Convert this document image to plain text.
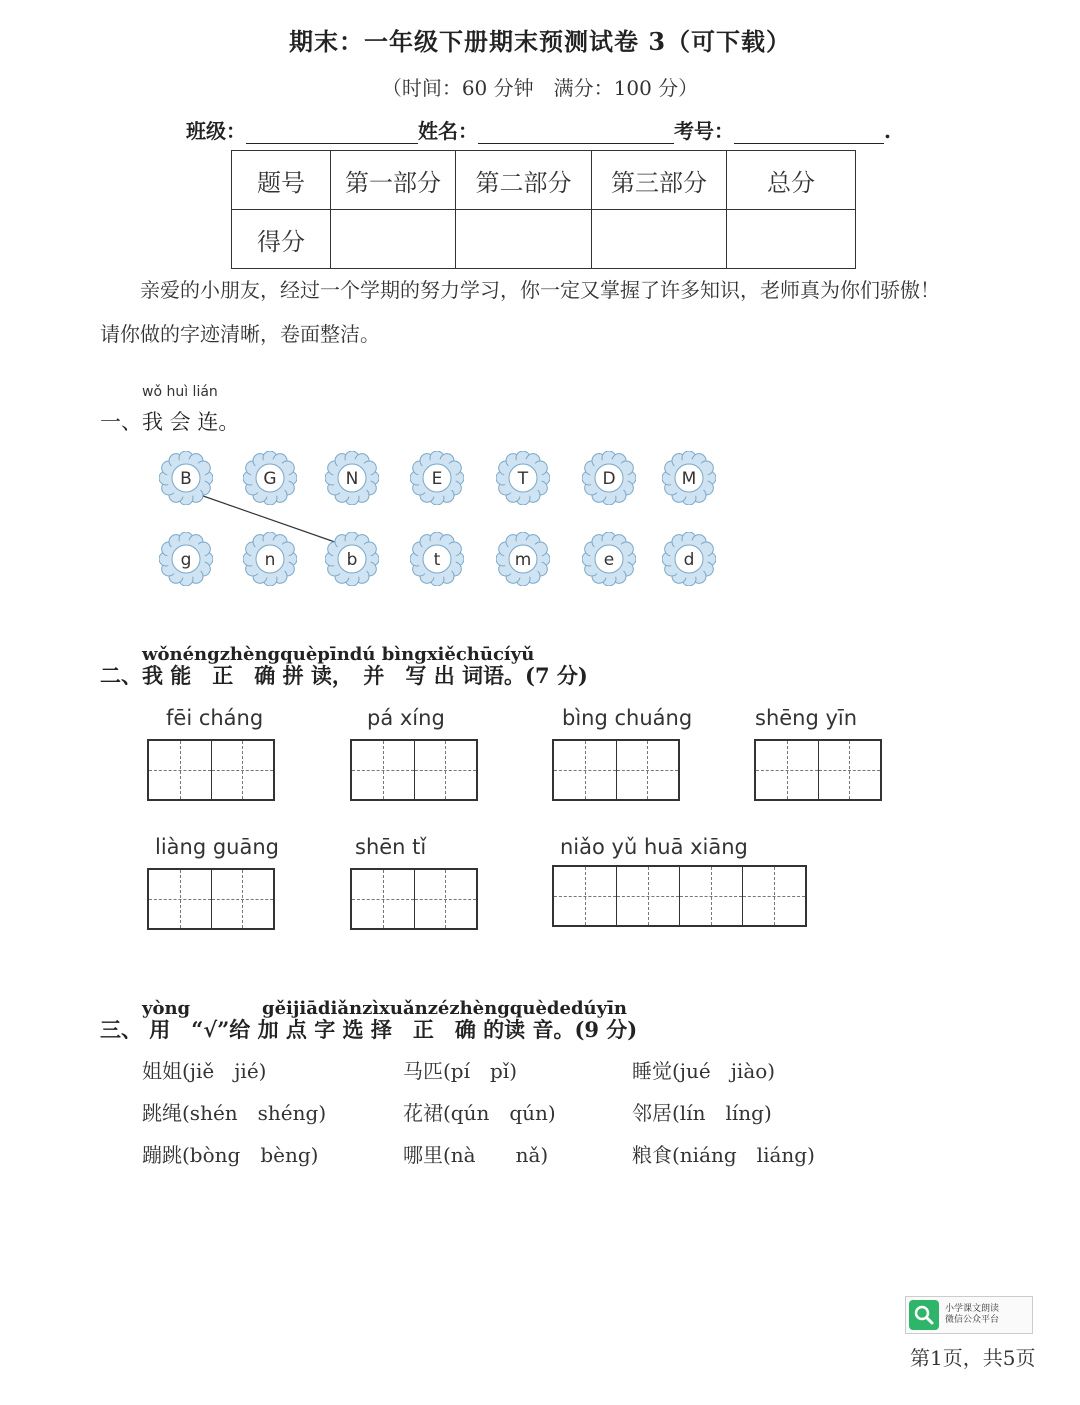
期末：一年级下册期末预测试卷 3（可下载）
（时间：60 分钟　满分：100 分）
班级：	姓名：	考号：	.
题号	第一部分	第二部分	第三部分	总分
得分				
亲爱的小朋友，经过一个学期的努力学习，你一定又掌握了许多知识，老师真为你们骄傲！
请你做的字迹清晰，卷面整洁。
wǒ huì lián
一、我 会 连。
B	G	N	E	T	D	M
g	n	b	t	m	e	d
wǒnéngzhèngquèpīndú bìngxiěchūcíyǔ
二、我 能　正　确 拼 读，　并　写 出 词语。(7 分)
fēi cháng	pá xíng	bìng chuáng	shēng yīn
liàng guāng	shēn tǐ	niǎo yǔ huā xiāng
yòng	gěijiādiǎnzìxuǎnzézhèngquèdedúyīn
三、 用　“√”给 加 点 字 选 择　正　确 的读 音。(9 分)
姐姐(jiě　jié)	马匹(pí　pǐ)	睡觉(jué　jiào)
跳绳(shén　shéng)	花裙(qún　qún)	邻居(lín　líng)
蹦跳(bòng　bèng)	哪里(nà　　nǎ)	粮食(niáng　liáng)
小学课文朗读
微信公众平台
第1页，共5页
